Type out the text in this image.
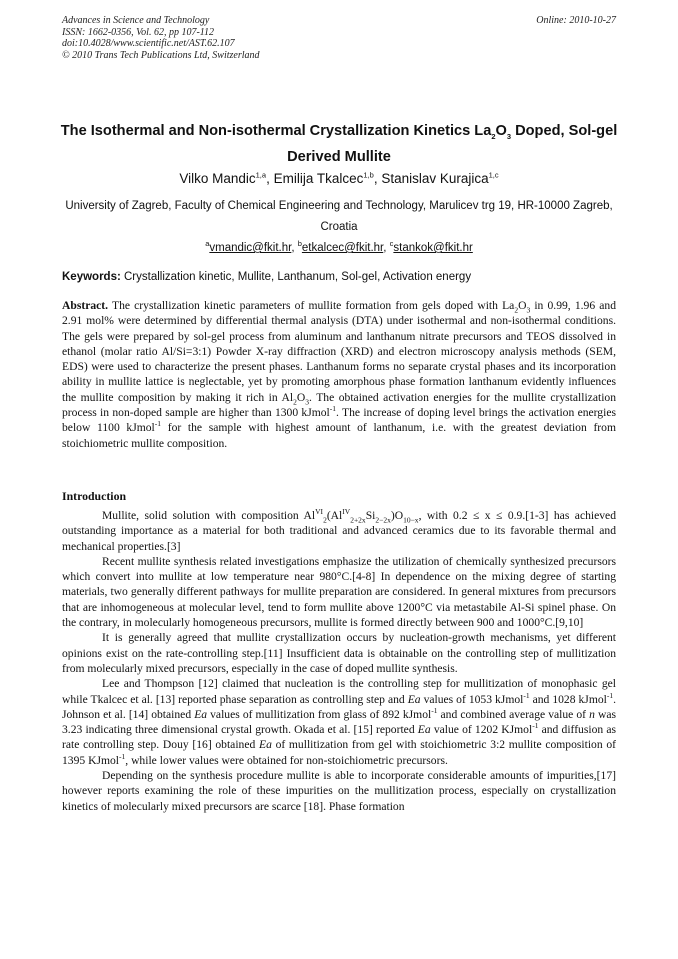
Advances in Science and Technology
ISSN: 1662-0356, Vol. 62, pp 107-112
doi:10.4028/www.scientific.net/AST.62.107
© 2010 Trans Tech Publications Ltd, Switzerland
Online: 2010-10-27
The Isothermal and Non-isothermal Crystallization Kinetics $La_2O_3$ Doped, Sol-gel Derived Mullite
Vilko Mandic$^{1,a}$, Emilija Tkalcec$^{1,b}$, Stanislav Kurajica$^{1,c}$
University of Zagreb, Faculty of Chemical Engineering and Technology, Marulicev trg 19, HR-10000 Zagreb, Croatia
$^a$vmandic@fkit.hr, $^b$etkalcec@fkit.hr, $^c$stankok@fkit.hr
Keywords: Crystallization kinetic, Mullite, Lanthanum, Sol-gel, Activation energy
Abstract. The crystallization kinetic parameters of mullite formation from gels doped with $La_2O_3$ in 0.99, 1.96 and 2.91 mol% were determined by differential thermal analysis (DTA) under isothermal and non-isothermal conditions. The gels were prepared by sol-gel process from aluminum and lanthanum nitrate precursors and TEOS dissolved in ethanol (molar ratio Al/Si=3:1) Powder X-ray diffraction (XRD) and electron microscopy analysis methods (SEM, EDS) were used to characterize the present phases. Lanthanum forms no separate crystal phases and its incorporation ability in mullite lattice is neglectable, yet by promoting amorphous phase formation lanthanum evidently influences the mullite composition by making it rich in $Al_2O_3$. The obtained activation energies for the mullite crystallization process in non-doped sample are higher than 1300 kJmol$^{-1}$. The increase of doping level brings the activation energies below 1100 kJmol$^{-1}$ for the sample with highest amount of lanthanum, i.e. with the greatest deviation from stoichiometric mullite composition.
Introduction

Mullite, solid solution with composition $Al^{VI}_2(Al^{IV}_{2+2x}Si_{2-2x})O_{10-x}$, with 0.2 ≤ x ≤ 0.9.[1-3] has achieved outstanding importance as a material for both traditional and advanced ceramics due to its favorable thermal and mechanical properties.[3]

Recent mullite synthesis related investigations emphasize the utilization of chemically synthesized precursors which convert into mullite at low temperature near 980°C.[4-8] In dependence on the mixing degree of starting materials, two generally different pathways for mullite preparation are considered. In general mixtures from precursors that are inhomogeneous at molecular level, tend to form mullite above 1200°C via metastabile Al-Si spinel phase. On the contrary, in molecularly homogeneous precursors, mullite is formed directly between 900 and 1000°C.[9,10]

It is generally agreed that mullite crystallization occurs by nucleation-growth mechanisms, yet different opinions exist on the rate-controlling step.[11] Insufficient data is obtainable on the controlling step of mullitization from molecularly mixed precursors, especially in the case of doped mullite synthesis.

Lee and Thompson [12] claimed that nucleation is the controlling step for mullitization of monophasic gel while Tkalcec et al. [13] reported phase separation as controlling step and Ea values of 1053 kJmol$^{-1}$ and 1028 kJmol$^{-1}$. Johnson et al. [14] obtained Ea values of mullitization from glass of 892 kJmol$^{-1}$ and combined average value of n was 3.23 indicating three dimensional crystal growth. Okada et al. [15] reported Ea value of 1202 KJmol$^{-1}$ and diffusion as rate controlling step. Douy [16] obtained Ea of mullitization from gel with stoichiometric 3:2 mullite composition of 1395 KJmol$^{-1}$, while lower values were obtained for non-stoichiometric precursors.

Depending on the synthesis procedure mullite is able to incorporate considerable amounts of impurities,[17] however reports examining the role of these impurities on the mullitization process, especially on crystallization kinetics of molecularly mixed precursors are scarce [18]. Phase formation
